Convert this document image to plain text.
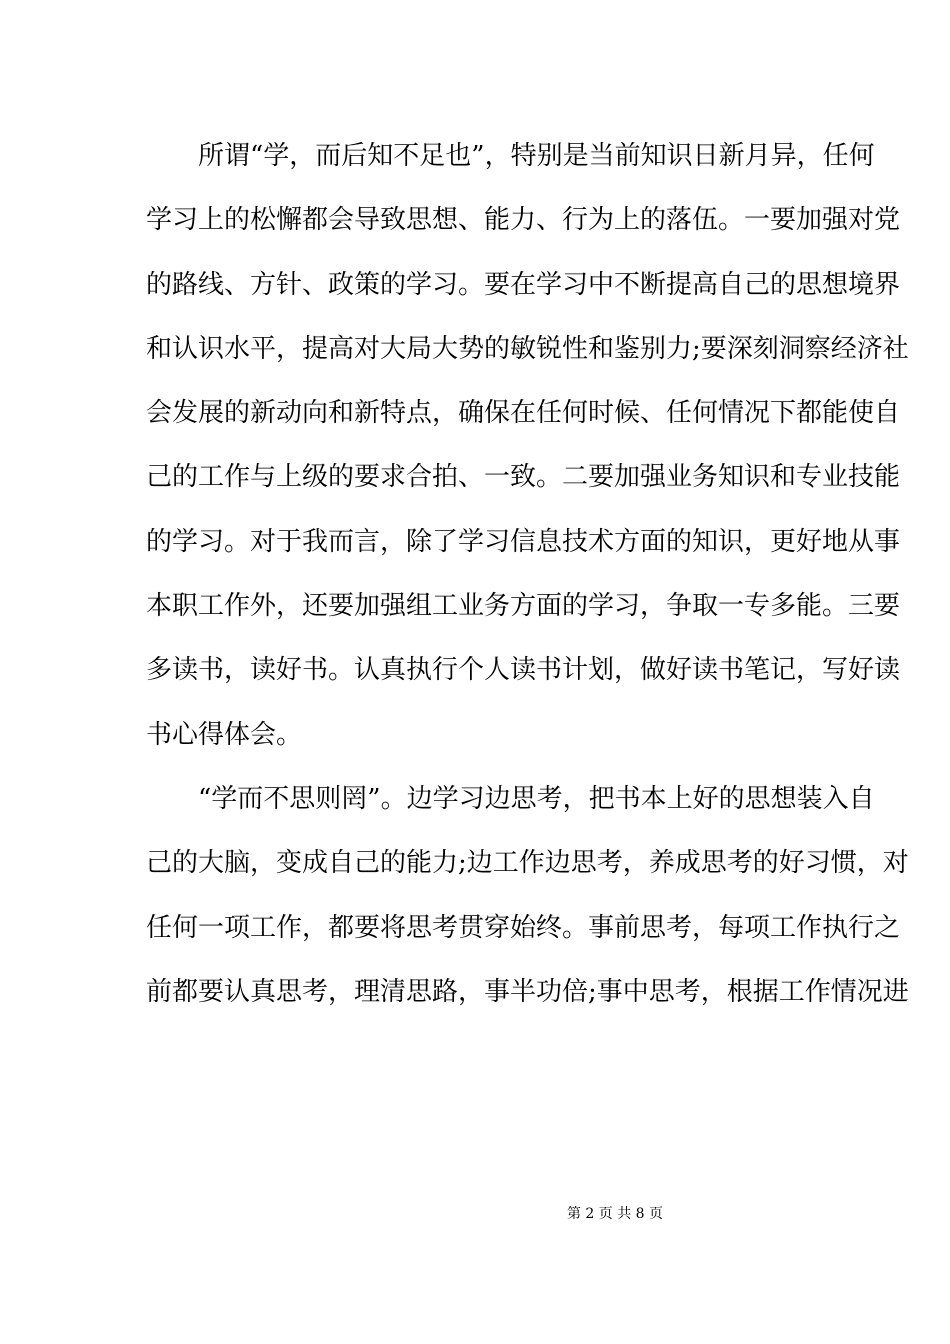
　　所谓“学，而后知不足也”，特别是当前知识日新月异，任何
学习上的松懈都会导致思想、能力、行为上的落伍。一要加强对党
的路线、方针、政策的学习。要在学习中不断提高自己的思想境界
和认识水平，提高对大局大势的敏锐性和鉴别力;要深刻洞察经济社
会发展的新动向和新特点，确保在任何时候、任何情况下都能使自
己的工作与上级的要求合拍、一致。二要加强业务知识和专业技能
的学习。对于我而言，除了学习信息技术方面的知识，更好地从事
本职工作外，还要加强组工业务方面的学习，争取一专多能。三要
多读书，读好书。认真执行个人读书计划，做好读书笔记，写好读
书心得体会。
　　“学而不思则罔”。边学习边思考，把书本上好的思想装入自
己的大脑，变成自己的能力;边工作边思考，养成思考的好习惯，对
任何一项工作，都要将思考贯穿始终。事前思考，每项工作执行之
前都要认真思考，理清思路，事半功倍;事中思考，根据工作情况进
第 2 页 共 8 页
